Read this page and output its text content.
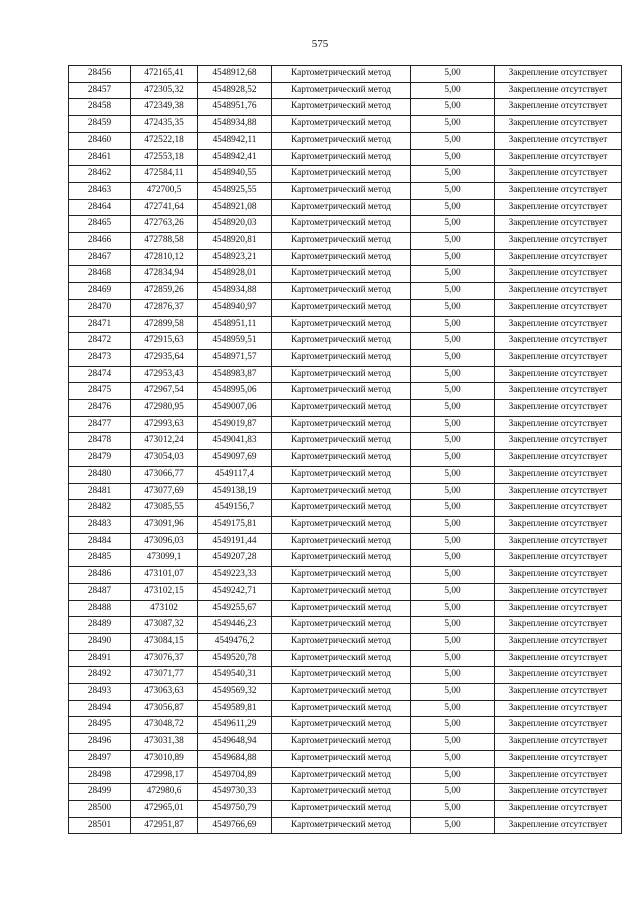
575
28456	472165,41	4548912,68	Картометрический метод	5,00	Закрепление отсутствует
28457	472305,32	4548928,52	Картометрический метод	5,00	Закрепление отсутствует
28458	472349,38	4548951,76	Картометрический метод	5,00	Закрепление отсутствует
28459	472435,35	4548934,88	Картометрический метод	5,00	Закрепление отсутствует
28460	472522,18	4548942,11	Картометрический метод	5,00	Закрепление отсутствует
28461	472553,18	4548942,41	Картометрический метод	5,00	Закрепление отсутствует
28462	472584,11	4548940,55	Картометрический метод	5,00	Закрепление отсутствует
28463	472700,5	4548925,55	Картометрический метод	5,00	Закрепление отсутствует
28464	472741,64	4548921,08	Картометрический метод	5,00	Закрепление отсутствует
28465	472763,26	4548920,03	Картометрический метод	5,00	Закрепление отсутствует
28466	472788,58	4548920,81	Картометрический метод	5,00	Закрепление отсутствует
28467	472810,12	4548923,21	Картометрический метод	5,00	Закрепление отсутствует
28468	472834,94	4548928,01	Картометрический метод	5,00	Закрепление отсутствует
28469	472859,26	4548934,88	Картометрический метод	5,00	Закрепление отсутствует
28470	472876,37	4548940,97	Картометрический метод	5,00	Закрепление отсутствует
28471	472899,58	4548951,11	Картометрический метод	5,00	Закрепление отсутствует
28472	472915,63	4548959,51	Картометрический метод	5,00	Закрепление отсутствует
28473	472935,64	4548971,57	Картометрический метод	5,00	Закрепление отсутствует
28474	472953,43	4548983,87	Картометрический метод	5,00	Закрепление отсутствует
28475	472967,54	4548995,06	Картометрический метод	5,00	Закрепление отсутствует
28476	472980,95	4549007,06	Картометрический метод	5,00	Закрепление отсутствует
28477	472993,63	4549019,87	Картометрический метод	5,00	Закрепление отсутствует
28478	473012,24	4549041,83	Картометрический метод	5,00	Закрепление отсутствует
28479	473054,03	4549097,69	Картометрический метод	5,00	Закрепление отсутствует
28480	473066,77	4549117,4	Картометрический метод	5,00	Закрепление отсутствует
28481	473077,69	4549138,19	Картометрический метод	5,00	Закрепление отсутствует
28482	473085,55	4549156,7	Картометрический метод	5,00	Закрепление отсутствует
28483	473091,96	4549175,81	Картометрический метод	5,00	Закрепление отсутствует
28484	473096,03	4549191,44	Картометрический метод	5,00	Закрепление отсутствует
28485	473099,1	4549207,28	Картометрический метод	5,00	Закрепление отсутствует
28486	473101,07	4549223,33	Картометрический метод	5,00	Закрепление отсутствует
28487	473102,15	4549242,71	Картометрический метод	5,00	Закрепление отсутствует
28488	473102	4549255,67	Картометрический метод	5,00	Закрепление отсутствует
28489	473087,32	4549446,23	Картометрический метод	5,00	Закрепление отсутствует
28490	473084,15	4549476,2	Картометрический метод	5,00	Закрепление отсутствует
28491	473076,37	4549520,78	Картометрический метод	5,00	Закрепление отсутствует
28492	473071,77	4549540,31	Картометрический метод	5,00	Закрепление отсутствует
28493	473063,63	4549569,32	Картометрический метод	5,00	Закрепление отсутствует
28494	473056,87	4549589,81	Картометрический метод	5,00	Закрепление отсутствует
28495	473048,72	4549611,29	Картометрический метод	5,00	Закрепление отсутствует
28496	473031,38	4549648,94	Картометрический метод	5,00	Закрепление отсутствует
28497	473010,89	4549684,88	Картометрический метод	5,00	Закрепление отсутствует
28498	472998,17	4549704,89	Картометрический метод	5,00	Закрепление отсутствует
28499	472980,6	4549730,33	Картометрический метод	5,00	Закрепление отсутствует
28500	472965,01	4549750,79	Картометрический метод	5,00	Закрепление отсутствует
28501	472951,87	4549766,69	Картометрический метод	5,00	Закрепление отсутствует
